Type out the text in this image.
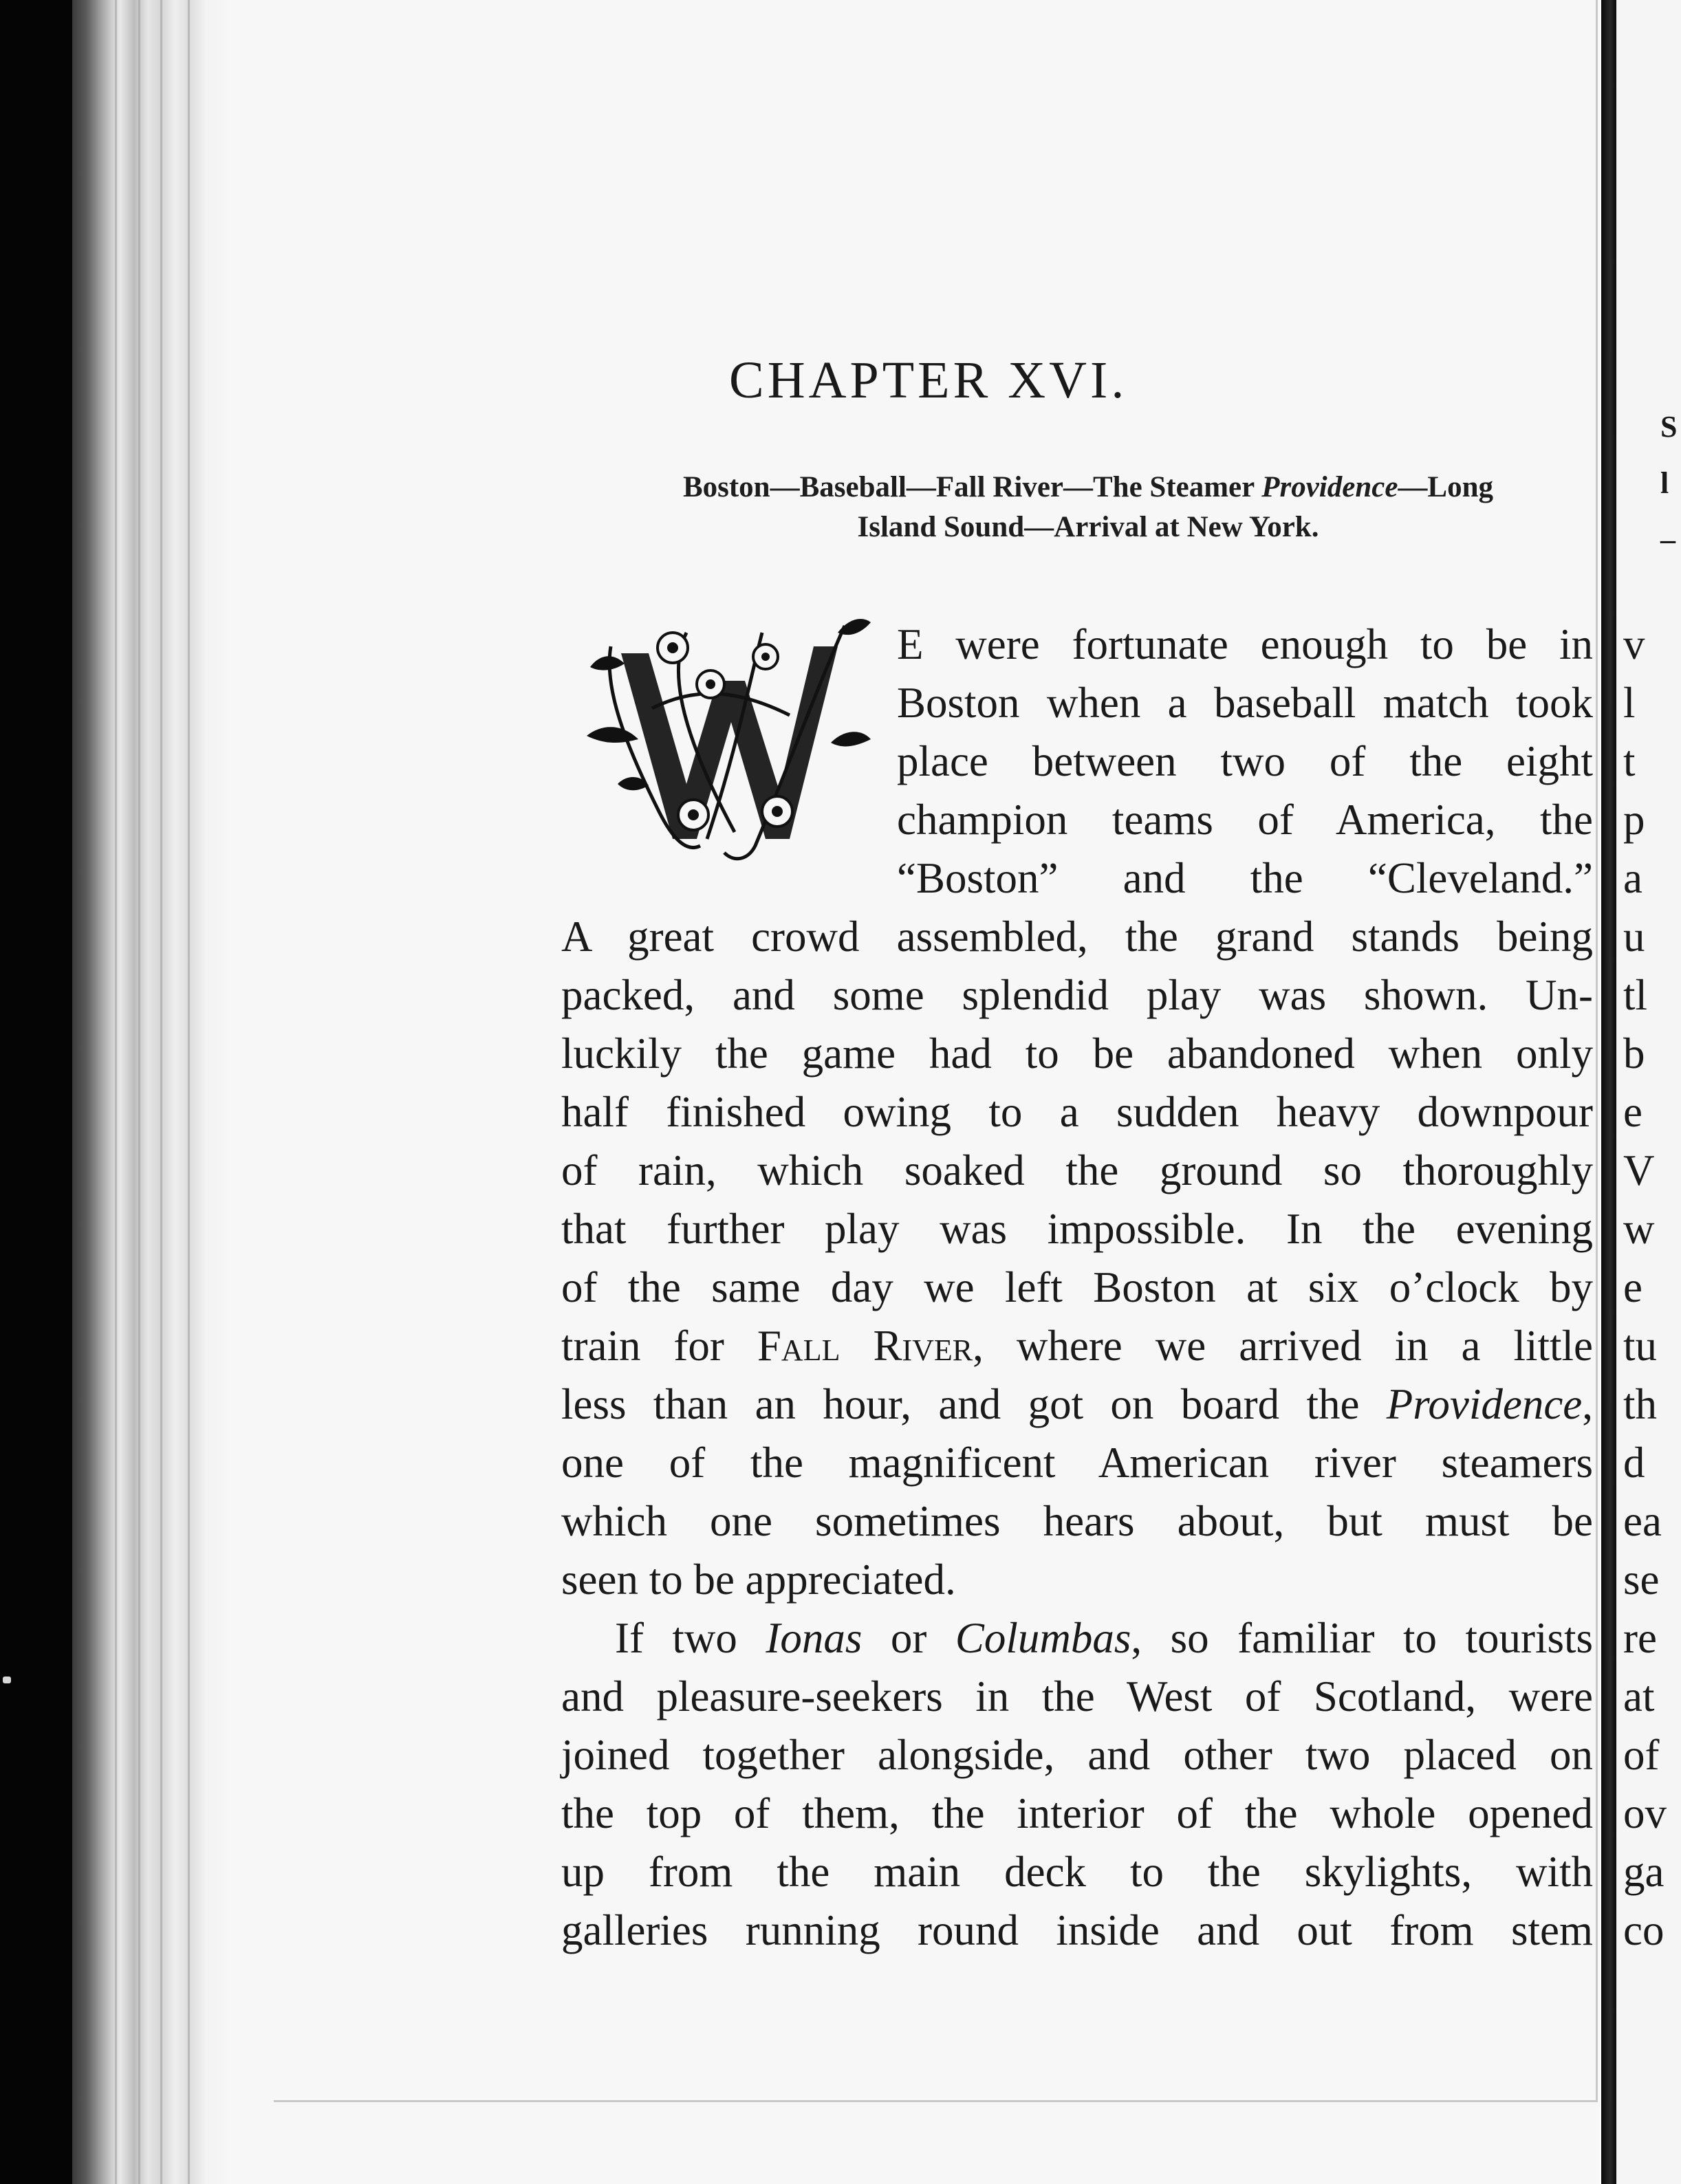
CHAPTER XVI.
Boston—Baseball—Fall River—The Steamer Providence—Long
Island Sound—Arrival at New York.
E were fortunate enough to be in
Boston when a baseball match took
place between two of the eight
champion teams of America, the
“Boston” and the “Cleveland.”
A great crowd assembled, the grand stands being
packed, and some splendid play was shown. Un-
luckily the game had to be abandoned when only
half finished owing to a sudden heavy downpour
of rain, which soaked the ground so thoroughly
that further play was impossible. In the evening
of the same day we left Boston at six o’clock by
train for Fall River, where we arrived in a little
less than an hour, and got on board the Providence,
one of the magnificent American river steamers
which one sometimes hears about, but must be
seen to be appreciated.
If two Ionas or Columbas, so familiar to tourists
and pleasure-seekers in the West of Scotland, were
joined together alongside, and other two placed on
the top of them, the interior of the whole opened
up from the main deck to the skylights, with
galleries running round inside and out from stem
S
l
–
v
l
t
p
a
u
tl
b
e
V
w
e
tu
th
d
ea
se
re
at
of
ov
ga
co
